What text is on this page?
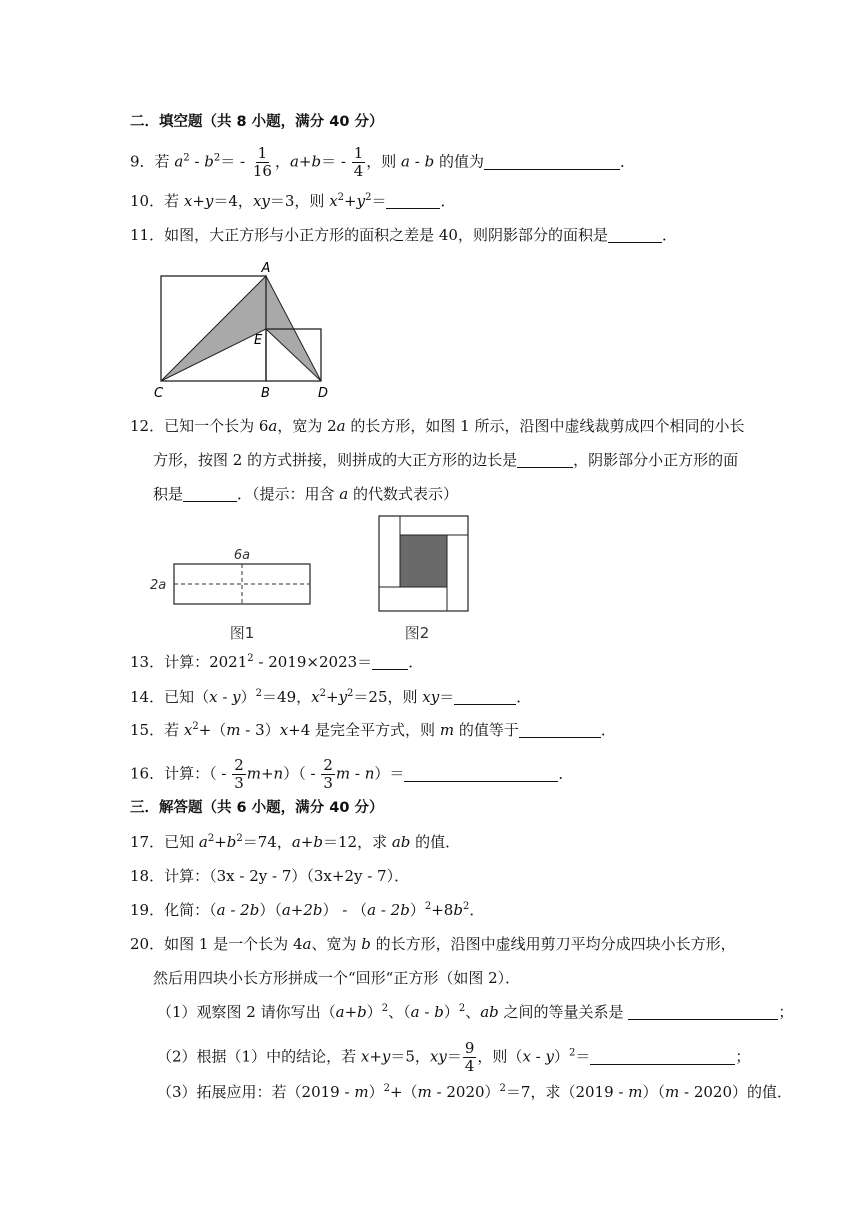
二．填空题（共 8 小题，满分 40 分）
9．若 $a^2 - b^2= - \frac{1}{16}$ ，$a+b= - \frac{1}{4}$ ，则 a - b 的值为	．
10．若 x+y＝4，xy＝3，则 $x^2+y^2=$	．
11．如图，大正方形与小正方形的面积之差是 40，则阴影部分的面积是	．
A
E
C	B	D
12．已知一个长为 6a，宽为 2a 的长方形，如图 1 所示，沿图中虚线裁剪成四个相同的小长
方形，按图 2 的方式拼接，则拼成的大正方形的边长是	，阴影部分小正方形的面
积是	．（提示：用含 a 的代数式表示）
6a
2a
图1	图2
13．计算：2021$^2$ - 2019×2023＝ ．
14．已知（x - y）$^2$＝49，$x^2+y^2=25$，则 xy＝	．
15．若 $x^2+(m - 3)x+4$ 是完全平方式，则 m 的值等于	．
16．计算：（ - $\frac{2}{3} m+n)( - \frac{2}{3}$ m - n）＝	．
三．解答题（共 6 小题，满分 40 分）
17．已知 $a^2+b^2=74$，a+b＝12，求 ab 的值．
18．计算：（3x - 2y - 7）（3x+2y - 7）．
19．化简：$(a - 2b)(a+2b) - (a - 2b)^2+8b^2$．
20．如图 1 是一个长为 4a、宽为 b 的长方形，沿图中虚线用剪刀平均分成四块小长方形，
然后用四块小长方形拼成一个“回形“正方形（如图 2）．
（1）观察图 2 请你写出$(a+b)^2$、（a - b）$^2$、ab 之间的等量关系是	；
（2）根据（1）中的结论，若 x+y＝5，$xy= \frac{9}{4}$ ，则（x - y）$^2$＝	；
（3）拓展应用：若（2019 - m）$^2$+（m - 2020）$^2$＝7，求（2019 - m）（m - 2020）的值．
